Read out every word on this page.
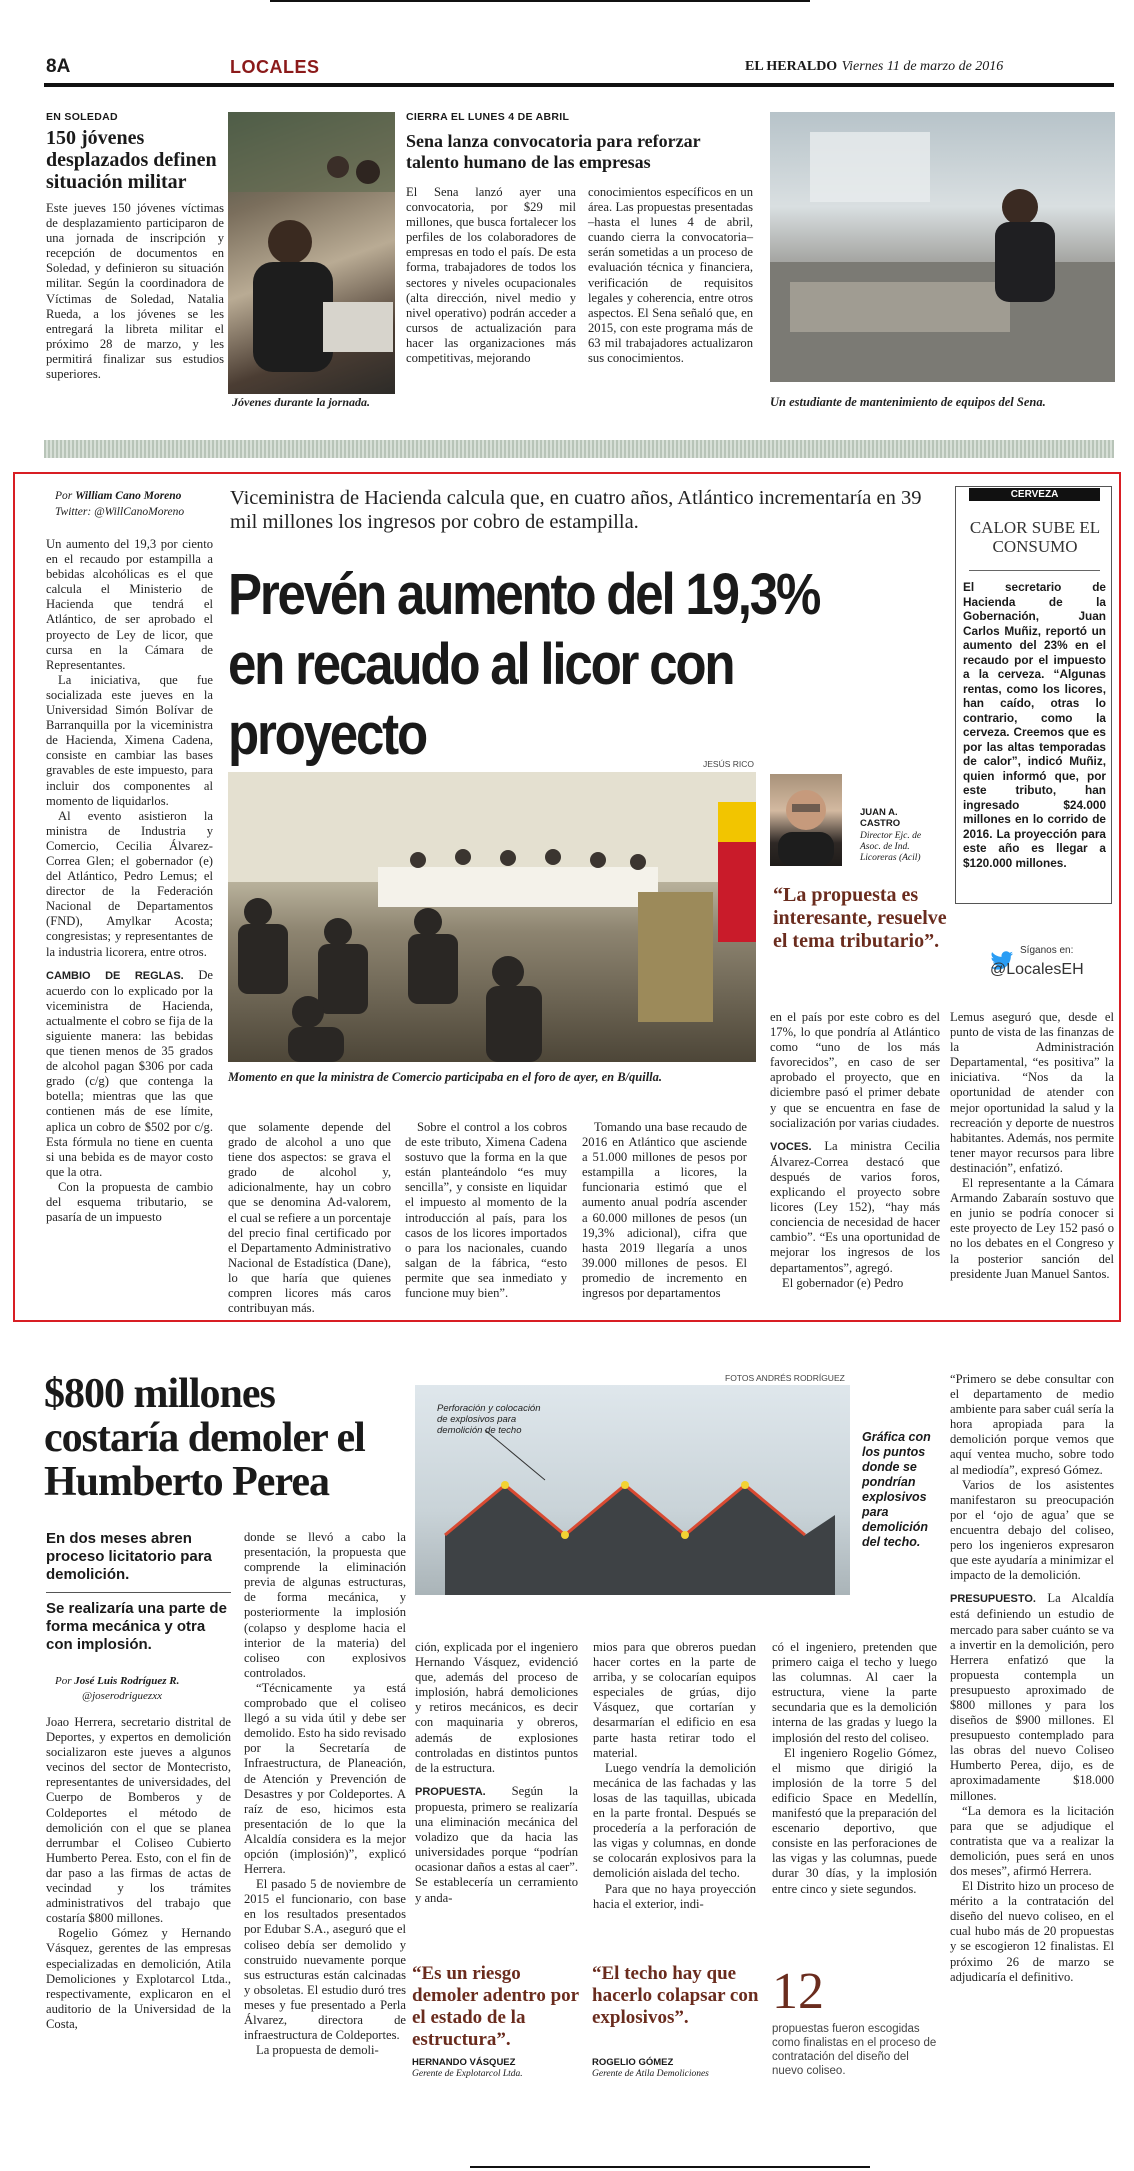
8A	LOCALES	EL HERALDO Viernes 11 de marzo de 2016
EN SOLEDAD
150 jóvenes desplazados definen situación militar

Este jueves 150 jóvenes víctimas de desplazamiento participaron de una jornada de inscripción y recepción de documentos en Soledad, y definieron su situación militar. Según la coordinadora de Víctimas de Soledad, Natalia Rueda, a los jóvenes se les entregará la libreta militar el próximo 28 de marzo, y les permitirá finalizar sus estudios superiores.

Jóvenes durante la jornada.
CIERRA EL LUNES 4 DE ABRIL
Sena lanza convocatoria para reforzar talento humano de las empresas

El Sena lanzó ayer una convocatoria, por $29 mil millones, que busca fortalecer los perfiles de los colaboradores de empresas en todo el país. De esta forma, trabajadores de todos los sectores y niveles ocupacionales (alta dirección, nivel medio y nivel operativo) podrán acceder a cursos de actualización para hacer las organizaciones más competitivas, mejorando

conocimientos específicos en un área. Las propuestas presentadas –hasta el lunes 4 de abril, cuando cierra la convocatoria– serán sometidas a un proceso de evaluación técnica y financiera, verificación de requisitos legales y coherencia, entre otros aspectos. El Sena señaló que, en 2015, con este programa más de 63 mil trabajadores actualizaron sus conocimientos.

Un estudiante de mantenimiento de equipos del Sena.
Por William Cano Moreno
Twitter: @WillCanoMoreno
Viceministra de Hacienda calcula que, en cuatro años, Atlántico incrementaría en 39 mil millones los ingresos por cobro de estampilla.
Prevén aumento del 19,3% en recaudo al licor con proyecto

Un aumento del 19,3 por ciento en el recaudo por estampilla a bebidas alcohólicas es el que calcula el Ministerio de Hacienda que tendrá el Atlántico, de ser aprobado el proyecto de Ley de licor, que cursa en la Cámara de Representantes.

La iniciativa, que fue socializada este jueves en la Universidad Simón Bolívar de Barranquilla por la viceministra de Hacienda, Ximena Cadena, consiste en cambiar las bases gravables de este impuesto, para incluir dos componentes al momento de liquidarlos.

Al evento asistieron la ministra de Industria y Comercio, Cecilia Álvarez-Correa Glen; el gobernador (e) del Atlántico, Pedro Lemus; el director de la Federación Nacional de Departamentos (FND), Amylkar Acosta; congresistas; y representantes de la industria licorera, entre otros.

CAMBIO DE REGLAS. De acuerdo con lo explicado por la viceministra de Hacienda, actualmente el cobro se fija de la siguiente manera: las bebidas que tienen menos de 35 grados de alcohol pagan $306 por cada grado (c/g) que contenga la botella; mientras que las que contienen más de ese límite, aplica un cobro de $502 por c/g. Esta fórmula no tiene en cuenta si una bebida es de mayor costo que la otra.

Con la propuesta de cambio del esquema tributario, se pasaría de un impuesto

JESÚS RICO
Momento en que la ministra de Comercio participaba en el foro de ayer, en B/quilla.
JUAN A. CASTRO
Director Ejc. de Asoc. de Ind. Licoreras (Acil)
“La propuesta es interesante, resuelve el tema tributario”.
CERVEZA
CALOR SUBE EL CONSUMO
El secretario de Hacienda de la Gobernación, Juan Carlos Muñiz, reportó un aumento del 23% en el recaudo por el impuesto a la cerveza. “Algunas rentas, como los licores, han caído, otras lo contrario, como la cerveza. Creemos que es por las altas temporadas de calor”, indicó Muñiz, quien informó que, por este tributo, han ingresado $24.000 millones en lo corrido de 2016. La proyección para este año es llegar a $120.000 millones.
Síganos en:
@LocalesEH

que solamente depende del grado de alcohol a uno que tiene dos aspectos: se grava el grado de alcohol y, adicionalmente, hay un cobro que se denomina Ad-valorem, el cual se refiere a un porcentaje del precio final certificado por el Departamento Administrativo Nacional de Estadística (Dane), lo que haría que quienes compren licores más caros contribuyan más.

Sobre el control a los cobros de este tributo, Ximena Cadena sostuvo que la forma en la que están planteándolo “es muy sencilla”, y consiste en liquidar el impuesto al momento de la introducción al país, para los casos de los licores importados o para los nacionales, cuando salgan de la fábrica, “esto permite que sea inmediato y funcione muy bien”.

Tomando una base recaudo de 2016 en Atlántico que asciende a 51.000 millones de pesos por estampilla a licores, la funcionaria estimó que el aumento anual podría ascender a 60.000 millones de pesos (un 19,3% adicional), cifra que hasta 2019 llegaría a unos 39.000 millones de pesos. El promedio de incremento en ingresos por departamentos

en el país por este cobro es del 17%, lo que pondría al Atlántico como “uno de los más favorecidos”, en caso de ser aprobado el proyecto, que en diciembre pasó el primer debate y que se encuentra en fase de socialización por varias ciudades.

VOCES. La ministra Cecilia Álvarez-Correa destacó que después de varios foros, explicando el proyecto sobre licores (Ley 152), “hay más conciencia de necesidad de hacer cambio”. “Es una oportunidad de mejorar los ingresos de los departamentos”, agregó.

El gobernador (e) Pedro

Lemus aseguró que, desde el punto de vista de las finanzas de la Administración Departamental, “es positiva” la iniciativa. “Nos da la oportunidad de atender con mejor oportunidad la salud y la recreación y deporte de nuestros habitantes. Además, nos permite tener mayor recursos para libre destinación”, enfatizó.

El representante a la Cámara Armando Zabaraín sostuvo que en junio se podría conocer si este proyecto de Ley 152 pasó o no los debates en el Congreso y la posterior sanción del presidente Juan Manuel Santos.

$800 millones costaría demoler el Humberto Perea
En dos meses abren proceso licitatorio para demolición.
Se realizaría una parte de forma mecánica y otra con implosión.
Por José Luis Rodríguez R.
@joserodriguezxx

Joao Herrera, secretario distrital de Deportes, y expertos en demolición socializaron este jueves a algunos vecinos del sector de Montecristo, representantes de universidades, del Cuerpo de Bomberos y de Coldeportes el método de demolición con el que se planea derrumbar el Coliseo Cubierto Humberto Perea. Esto, con el fin de dar paso a las firmas de actas de vecindad y los trámites administrativos del trabajo que costaría $800 millones.

Rogelio Gómez y Hernando Vásquez, gerentes de las empresas especializadas en demolición, Atila Demoliciones y Explotarcol Ltda., respectivamente, explicaron en el auditorio de la Universidad de la Costa,

donde se llevó a cabo la presentación, la propuesta que comprende la eliminación previa de algunas estructuras, de forma mecánica, y posteriormente la implosión (colapso y desplome hacia el interior de la materia) del coliseo con explosivos controlados.

“Técnicamente ya está comprobado que el coliseo llegó a su vida útil y debe ser demolido. Esto ha sido revisado por la Secretaría de Infraestructura, de Planeación, de Atención y Prevención de Desastres y por Coldeportes. A raíz de eso, hicimos esta presentación de lo que la Alcaldía considera es la mejor opción (implosión)”, explicó Herrera.

El pasado 5 de noviembre de 2015 el funcionario, con base en los resultados presentados por Edubar S.A., aseguró que el coliseo debía ser demolido y construido nuevamente porque sus estructuras están calcinadas y obsoletas. El estudio duró tres meses y fue presentado a Perla Álvarez, directora de infraestructura de Coldeportes.

La propuesta de demoli-

FOTOS ANDRÉS RODRÍGUEZ
Perforación y colocación de explosivos para demolición de techo	Gráfica con los puntos donde se pondrían explosivos para demolición del techo.

ción, explicada por el ingeniero Hernando Vásquez, evidenció que, además del proceso de implosión, habrá demoliciones y retiros mecánicos, es decir con maquinaria y obreros, además de explosiones controladas en distintos puntos de la estructura.

PROPUESTA. Según la propuesta, primero se realizaría una eliminación mecánica del voladizo que da hacia las universidades porque “podrían ocasionar daños a estas al caer”. Se establecería un cerramiento y anda-

mios para que obreros puedan hacer cortes en la parte de arriba, y se colocarían equipos especiales de grúas, dijo Vásquez, que cortarían y desarmarían el edificio en esa parte hasta retirar todo el material.

Luego vendría la demolición mecánica de las fachadas y las losas de las taquillas, ubicada en la parte frontal. Después se procedería a la perforación de las vigas y columnas, en donde se colocarán explosivos para la demolición aislada del techo.

Para que no haya proyección hacia el exterior, indi-

có el ingeniero, pretenden que primero caiga el techo y luego las columnas. Al caer la estructura, viene la parte secundaria que es la demolición interna de las gradas y luego la implosión del resto del coliseo.

El ingeniero Rogelio Gómez, el mismo que dirigió la implosión de la torre 5 del edificio Space en Medellín, manifestó que la preparación del escenario deportivo, que consiste en las perforaciones de las vigas y las columnas, puede durar 30 días, y la implosión entre cinco y siete segundos.

“Primero se debe consultar con el departamento de medio ambiente para saber cuál sería la hora apropiada para la demolición porque vemos que aquí ventea mucho, sobre todo al mediodía”, expresó Gómez.

Varios de los asistentes manifestaron su preocupación por el ‘ojo de agua’ que se encuentra debajo del coliseo, pero los ingenieros expresaron que este ayudaría a minimizar el impacto de la demolición.

PRESUPUESTO. La Alcaldía está definiendo un estudio de mercado para saber cuánto se va a invertir en la demolición, pero Herrera enfatizó que la propuesta contempla un presupuesto aproximado de $800 millones y para los diseños de $900 millones. El presupuesto contemplado para las obras del nuevo Coliseo Humberto Perea, dijo, es de aproximadamente $18.000 millones.

“La demora es la licitación para que se adjudique el contratista que va a realizar la demolición, pues será en unos dos meses”, afirmó Herrera.

El Distrito hizo un proceso de mérito a la contratación del diseño del nuevo coliseo, en el cual hubo más de 20 propuestas y se escogieron 12 finalistas. El próximo 26 de marzo se adjudicaría el definitivo.

“Es un riesgo demoler adentro por el estado de la estructura”.
HERNANDO VÁSQUEZ
Gerente de Explotarcol Ltda.
“El techo hay que hacerlo colapsar con explosivos”.
ROGELIO GÓMEZ
Gerente de Atila Demoliciones
12
propuestas fueron escogidas como finalistas en el proceso de contratación del diseño del nuevo coliseo.
